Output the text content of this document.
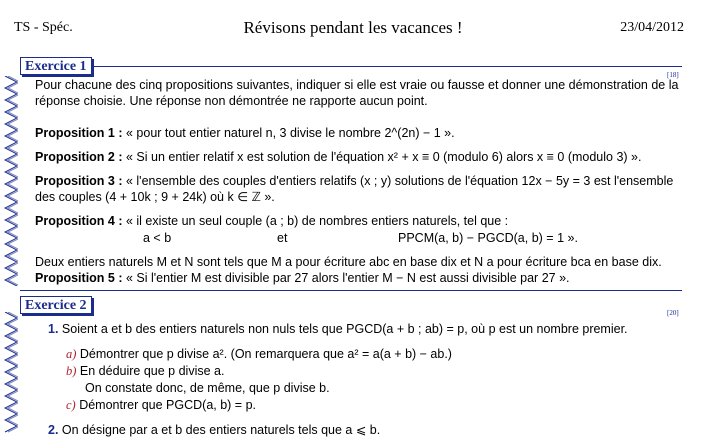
TS - Spéc.	Révisons pendant les vacances !	23/04/2012
Exercice 1
[18]
Pour chacune des cinq propositions suivantes, indiquer si elle est vraie ou fausse et donner une démonstration de la
réponse choisie. Une réponse non démontrée ne rapporte aucun point.
Proposition 1 : « pour tout entier naturel n, 3 divise le nombre 2^(2n) − 1 ».
Proposition 2 : « Si un entier relatif x est solution de l'équation x² + x ≡ 0 (modulo 6) alors x ≡ 0 (modulo 3) ».
Proposition 3 : « l'ensemble des couples d'entiers relatifs (x ; y) solutions de l'équation 12x − 5y = 3 est l'ensemble
des couples (4 + 10k ; 9 + 24k) où k ∈ ℤ ».
Proposition 4 : « il existe un seul couple (a ; b) de nombres entiers naturels, tel que :
a < b	et	PPCM(a, b) − PGCD(a, b) = 1 ».
Deux entiers naturels M et N sont tels que M a pour écriture abc en base dix et N a pour écriture bca en base dix.
Proposition 5 : « Si l'entier M est divisible par 27 alors l'entier M − N est aussi divisible par 27 ».
Exercice 2	[20]
1. Soient a et b des entiers naturels non nuls tels que PGCD(a + b ; ab) = p, où p est un nombre premier.
a) Démontrer que p divise a². (On remarquera que a² = a(a + b) − ab.)
b) En déduire que p divise a.
On constate donc, de même, que p divise b.
c) Démontrer que PGCD(a, b) = p.
2. On désigne par a et b des entiers naturels tels que a ⩽ b.
